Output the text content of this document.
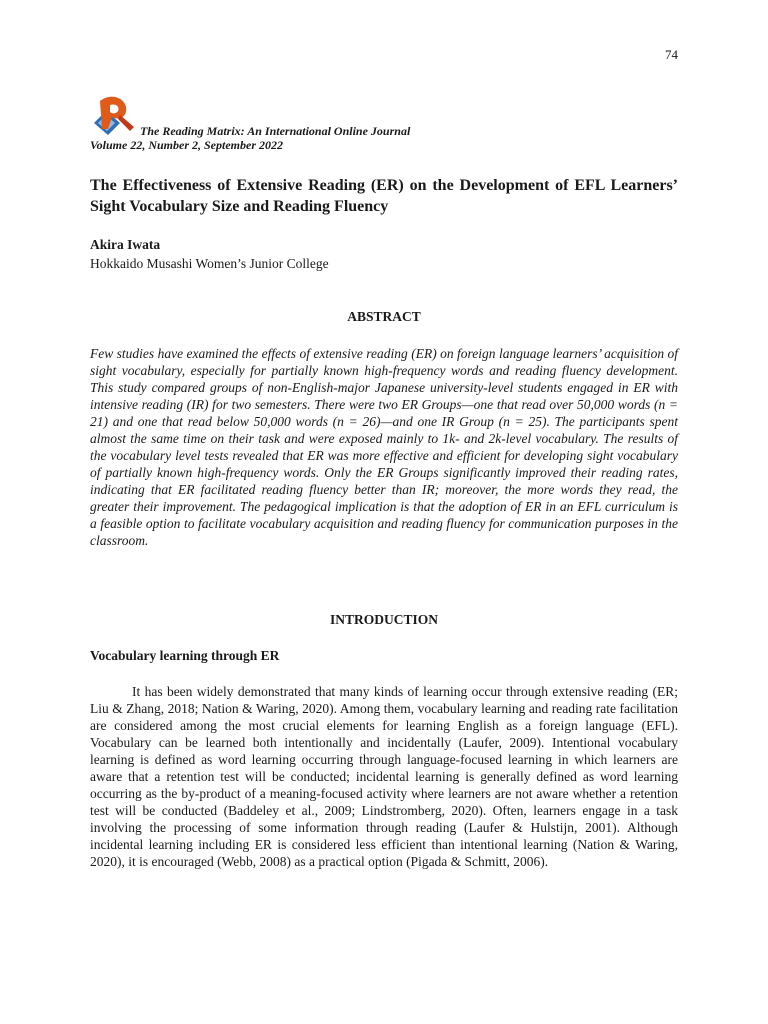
74
The Reading Matrix: An International Online Journal
Volume 22, Number 2, September 2022
The Effectiveness of Extensive Reading (ER) on the Development of EFL Learners’ Sight Vocabulary Size and Reading Fluency
Akira Iwata
Hokkaido Musashi Women’s Junior College
ABSTRACT

Few studies have examined the effects of extensive reading (ER) on foreign language learners’ acquisition of sight vocabulary, especially for partially known high-frequency words and reading fluency development. This study compared groups of non-English-major Japanese university-level students engaged in ER with intensive reading (IR) for two semesters. There were two ER Groups—one that read over 50,000 words (n = 21) and one that read below 50,000 words (n = 26)—and one IR Group (n = 25). The participants spent almost the same time on their task and were exposed mainly to 1k- and 2k-level vocabulary. The results of the vocabulary level tests revealed that ER was more effective and efficient for developing sight vocabulary of partially known high-frequency words. Only the ER Groups significantly improved their reading rates, indicating that ER facilitated reading fluency better than IR; moreover, the more words they read, the greater their improvement. The pedagogical implication is that the adoption of ER in an EFL curriculum is a feasible option to facilitate vocabulary acquisition and reading fluency for communication purposes in the classroom.

INTRODUCTION
Vocabulary learning through ER

It has been widely demonstrated that many kinds of learning occur through extensive reading (ER; Liu & Zhang, 2018; Nation & Waring, 2020). Among them, vocabulary learning and reading rate facilitation are considered among the most crucial elements for learning English as a foreign language (EFL). Vocabulary can be learned both intentionally and incidentally (Laufer, 2009). Intentional vocabulary learning is defined as word learning occurring through language-focused learning in which learners are aware that a retention test will be conducted; incidental learning is generally defined as word learning occurring as the by-product of a meaning-focused activity where learners are not aware whether a retention test will be conducted (Baddeley et al., 2009; Lindstromberg, 2020). Often, learners engage in a task involving the processing of some information through reading (Laufer & Hulstijn, 2001). Although incidental learning including ER is considered less efficient than intentional learning (Nation & Waring, 2020), it is encouraged (Webb, 2008) as a practical option (Pigada & Schmitt, 2006).
